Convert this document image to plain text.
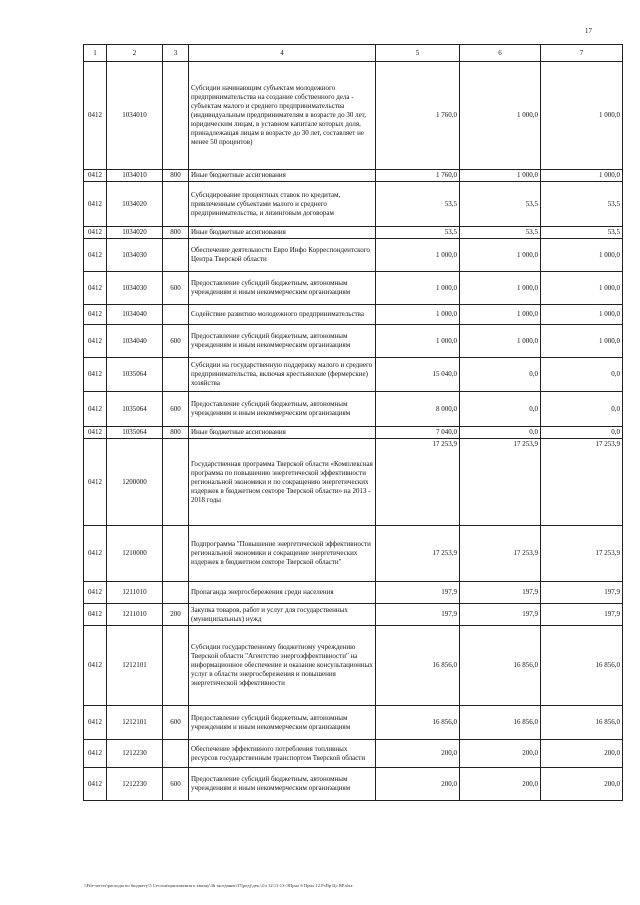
17
1	2	3	4	5	6	7
0412	1034010		Субсидии начинающим субъектам молодежного предпринимательства на создание собственного дела - субъектам малого и среднего предпринимательства (индивидуальным предпринимателям в возрасте до 30 лет, юридическим лицам, в уставном капитале которых доля, принадлежащая лицам в возрасте до 30 лет, составляет не менее 50 процентов)	1 760,0	1 000,0	1 000,0
0412	1034010	800	Иные бюджетные ассигнования	1 760,0	1 000,0	1 000,0
0412	1034020		Субсидирование процентных ставок по кредитам, привлеченным субъектами малого и среднего предпринимательства, и лизинговым договорам	53,5	53,5	53,5
0412	1034020	800	Иные бюджетные ассигнования	53,5	53,5	53,5
0412	1034030		Обеспечение деятельности Евро Инфо Корреспондентского Центра Тверской области	1 000,0	1 000,0	1 000,0
0412	1034030	600	Предоставление субсидий бюджетным, автономным учреждениям и иным некоммерческим организациям	1 000,0	1 000,0	1 000,0
0412	1034040		Содействие развитию молодежного предпринимательства	1 000,0	1 000,0	1 000,0
0412	1034040	600	Предоставление субсидий бюджетным, автономным учреждениям и иным некоммерческим организациям	1 000,0	1 000,0	1 000,0
0412	1035064		Субсидии на государственную поддержку малого и среднего предпринимательства, включая крестьянские (фермерские) хозяйства	15 040,0	0,0	0,0
0412	1035064	600	Предоставление субсидий бюджетным, автономным учреждениям и иным некоммерческим организациям	8 000,0	0,0	0,0
0412	1035064	800	Иные бюджетные ассигнования	7 040,0	0,0	0,0
0412	1200000		Государственная программа Тверской области «Комплексная программа по повышению энергетической эффективности региональной экономики и по сокращению энергетических издержек в бюджетном секторе Тверской области» на 2013 - 2018 годы	17 253,9	17 253,9	17 253,9
0412	1210000		Подпрограмма "Повышение энергетической эффективности региональной экономики и сокращение энергетических издержек в бюджетном секторе Тверской области"	17 253,9	17 253,9	17 253,9
0412	1211010		Пропаганда энергосбережения среди населения	197,9	197,9	197,9
0412	1211010	200	Закупка товаров, работ и услуг для государственных (муниципальных) нужд	197,9	197,9	197,9
0412	1212101		Субсидии государственному бюджетному учреждению Тверской области "Агентство энергоэффективности" на информационное обеспечение и оказание консультационных услуг в области энергосбережения и повышения энергетической эффективности	16 856,0	16 856,0	16 856,0
0412	1212101	600	Предоставление субсидий бюджетным, автономным учреждениям и иным некоммерческим организациям	16 856,0	16 856,0	16 856,0
0412	1212230		Обеспечение эффективного потребления топливных ресурсов государственным транспортом Тверской области	200,0	200,0	200,0
0412	1212230	600	Предоставление субсидий бюджетным, автономным учреждениям и иным некоммерческим организациям	200,0	200,0	200,0
\\File-server\расходы по бюджету\5 Сессия\приложения к закону\36 заседание\37(ред)\дек.\4\з 12\11-13-ЭПрил 6 Прил 12 РзПр Цс ВР.xlsx
